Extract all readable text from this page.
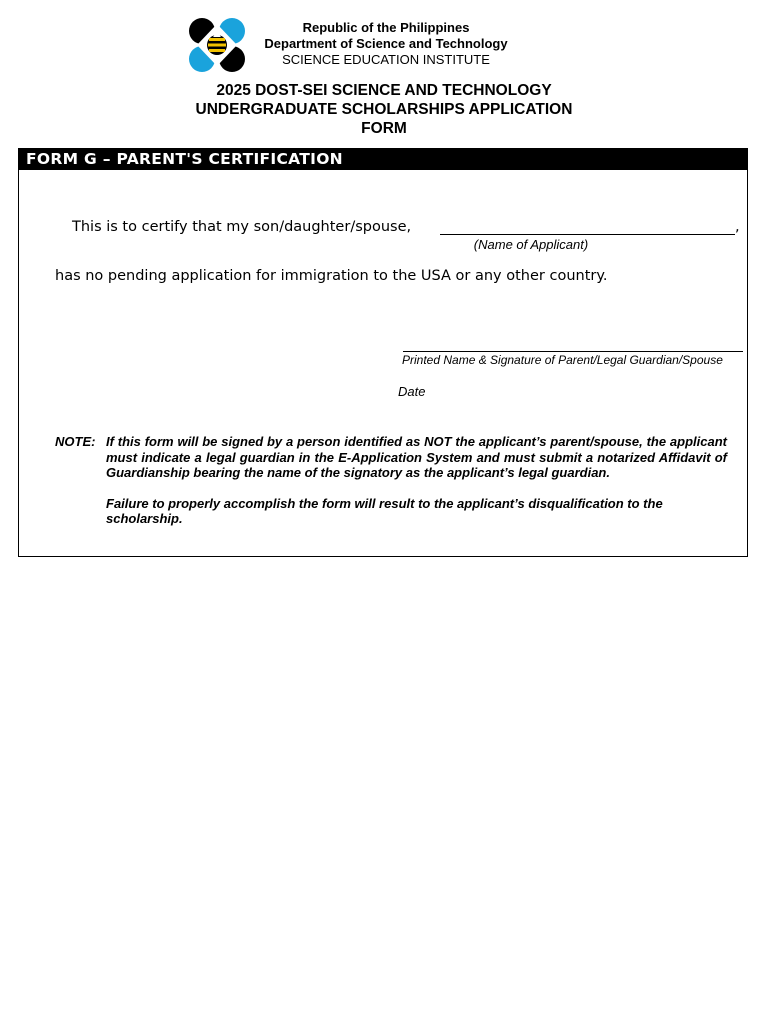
Republic of the Philippines
Department of Science and Technology
SCIENCE EDUCATION INSTITUTE
2025 DOST-SEI SCIENCE AND TECHNOLOGY
UNDERGRADUATE SCHOLARSHIPS APPLICATION
FORM
FORM G – PARENT'S CERTIFICATION
This is to certify that my son/daughter/spouse,	,
(Name of Applicant)
has no pending application for immigration to the USA or any other country.
Printed Name & Signature of Parent/Legal Guardian/Spouse
Date
NOTE: If this form will be signed by a person identified as NOT the applicant’s parent/spouse, the applicant must indicate a legal guardian in the E-Application System and must submit a notarized Affidavit of Guardianship bearing the name of the signatory as the applicant’s legal guardian.
Failure to properly accomplish the form will result to the applicant’s disqualification to the scholarship.
